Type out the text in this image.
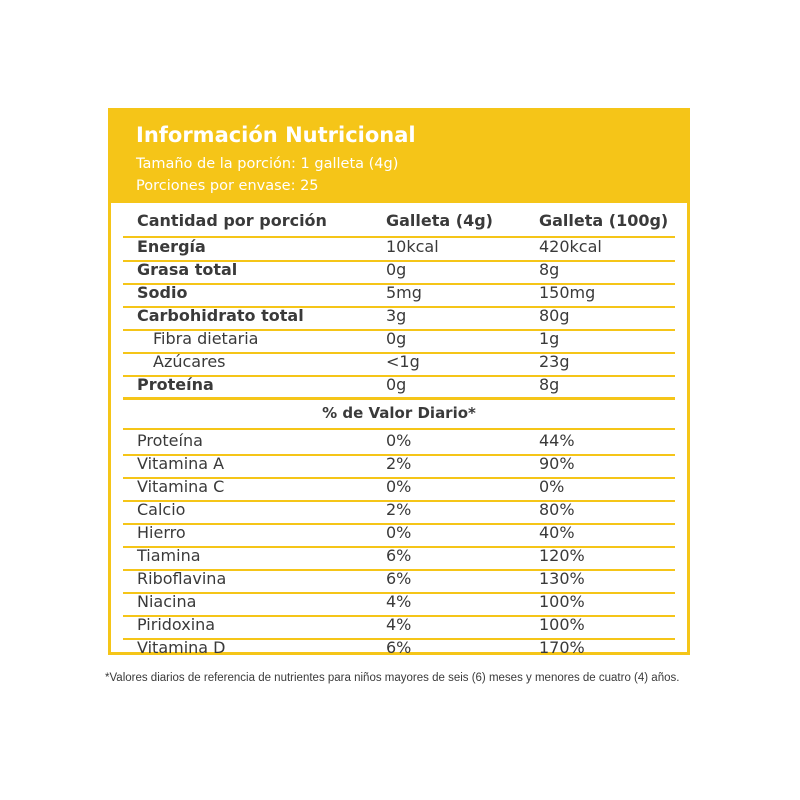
Información Nutricional
Tamaño de la porción: 1 galleta (4g)
Porciones por envase: 25
Cantidad por porción	Galleta (4g)	Galleta (100g)
Energía	10kcal	420kcal
Grasa total	0g	8g
Sodio	5mg	150mg
Carbohidrato total	3g	80g
Fibra dietaria	0g	1g
Azúcares	<1g	23g
Proteína	0g	8g
% de Valor Diario*
Proteína	0%	44%
Vitamina A	2%	90%
Vitamina C	0%	0%
Calcio	2%	80%
Hierro	0%	40%
Tiamina	6%	120%
Riboflavina	6%	130%
Niacina	4%	100%
Piridoxina	4%	100%
Vitamina D	6%	170%
*Valores diarios de referencia de nutrientes para niños mayores de seis (6) meses y menores de cuatro (4) años.
